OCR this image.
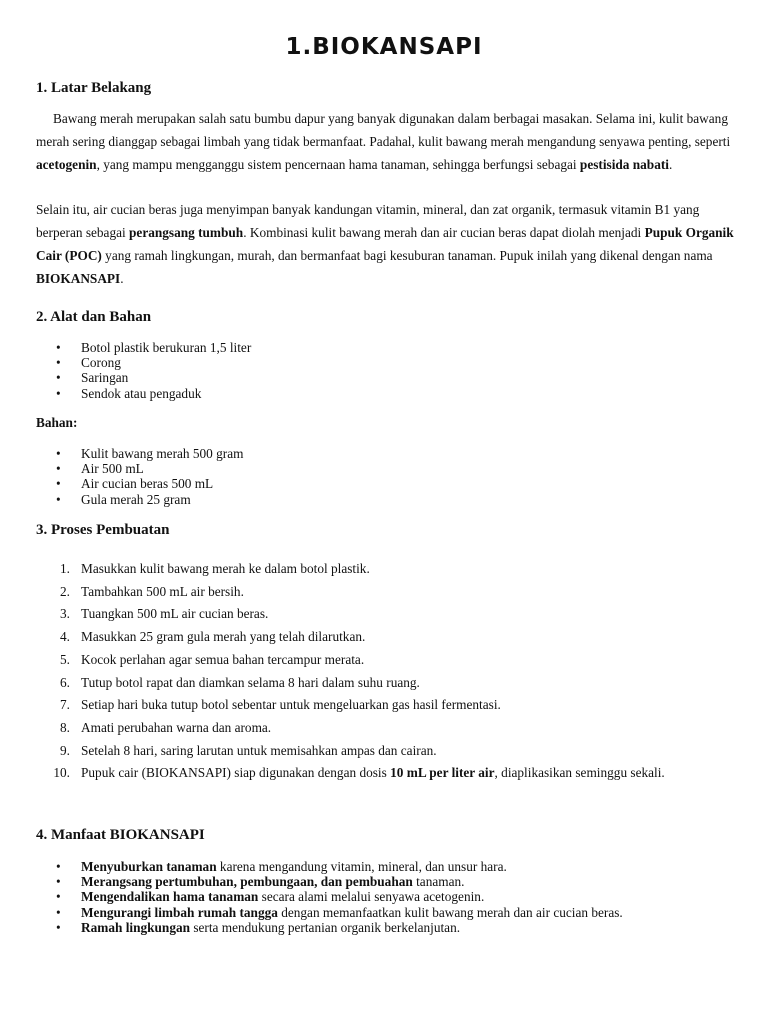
1.BIOKANSAPI
1. Latar Belakang

Bawang merah merupakan salah satu bumbu dapur yang banyak digunakan dalam berbagai masakan. Selama ini, kulit bawang merah sering dianggap sebagai limbah yang tidak bermanfaat. Padahal, kulit bawang merah mengandung senyawa penting, seperti acetogenin, yang mampu mengganggu sistem pencernaan hama tanaman, sehingga berfungsi sebagai pestisida nabati.

Selain itu, air cucian beras juga menyimpan banyak kandungan vitamin, mineral, dan zat organik, termasuk vitamin B1 yang berperan sebagai perangsang tumbuh. Kombinasi kulit bawang merah dan air cucian beras dapat diolah menjadi Pupuk Organik Cair (POC) yang ramah lingkungan, murah, dan bermanfaat bagi kesuburan tanaman. Pupuk inilah yang dikenal dengan nama BIOKANSAPI.

2. Alat dan Bahan
• Botol plastik berukuran 1,5 liter
• Corong
• Saringan
• Sendok atau pengaduk

Bahan:

• Kulit bawang merah 500 gram
• Air 500 mL
• Air cucian beras 500 mL
• Gula merah 25 gram
3. Proses Pembuatan
1. Masukkan kulit bawang merah ke dalam botol plastik.
2. Tambahkan 500 mL air bersih.
3. Tuangkan 500 mL air cucian beras.
4. Masukkan 25 gram gula merah yang telah dilarutkan.
5. Kocok perlahan agar semua bahan tercampur merata.
6. Tutup botol rapat dan diamkan selama 8 hari dalam suhu ruang.
7. Setiap hari buka tutup botol sebentar untuk mengeluarkan gas hasil fermentasi.
8. Amati perubahan warna dan aroma.
9. Setelah 8 hari, saring larutan untuk memisahkan ampas dan cairan.
10. Pupuk cair (BIOKANSAPI) siap digunakan dengan dosis 10 mL per liter air, diaplikasikan seminggu sekali.
4. Manfaat BIOKANSAPI
• Menyuburkan tanaman karena mengandung vitamin, mineral, dan unsur hara.
• Merangsang pertumbuhan, pembungaan, dan pembuahan tanaman.
• Mengendalikan hama tanaman secara alami melalui senyawa acetogenin.
• Mengurangi limbah rumah tangga dengan memanfaatkan kulit bawang merah dan air cucian beras.
• Ramah lingkungan serta mendukung pertanian organik berkelanjutan.
